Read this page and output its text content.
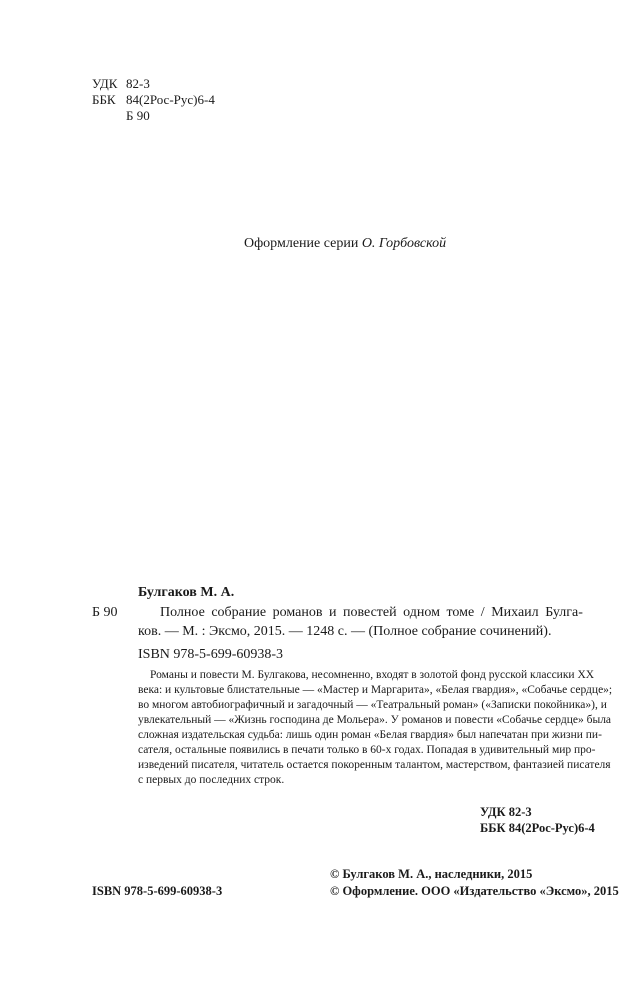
УДК 82-3
ББК 84(2Рос-Рус)6-4
Б 90
Оформление серии О. Горбовской
Булгаков М. А.
Б 90	Полное собрание романов и повестей одном томе / Михаил Булга-
ков. — М. : Эксмо, 2015. — 1248 с. — (Полное собрание сочинений).
ISBN 978-5-699-60938-3
Романы и повести М. Булгакова, несомненно, входят в золотой фонд русской классики XX
века: и культовые блистательные — «Мастер и Маргарита», «Белая гвардия», «Собачье сердце»;
во многом автобиографичный и загадочный — «Театральный роман» («Записки покойника»), и
увлекательный — «Жизнь господина де Мольера». У романов и повести «Собачье сердце» была
сложная издательская судьба: лишь один роман «Белая гвардия» был напечатан при жизни пи-
сателя, остальные появились в печати только в 60-х годах. Попадая в удивительный мир про-
изведений писателя, читатель остается покоренным талантом, мастерством, фантазией писателя
с первых до последних строк.
УДК 82-3
ББК 84(2Рос-Рус)6-4
© Булгаков М. А., наследники, 2015
ISBN 978-5-699-60938-3	© Оформление. ООО «Издательство «Эксмо», 2015
